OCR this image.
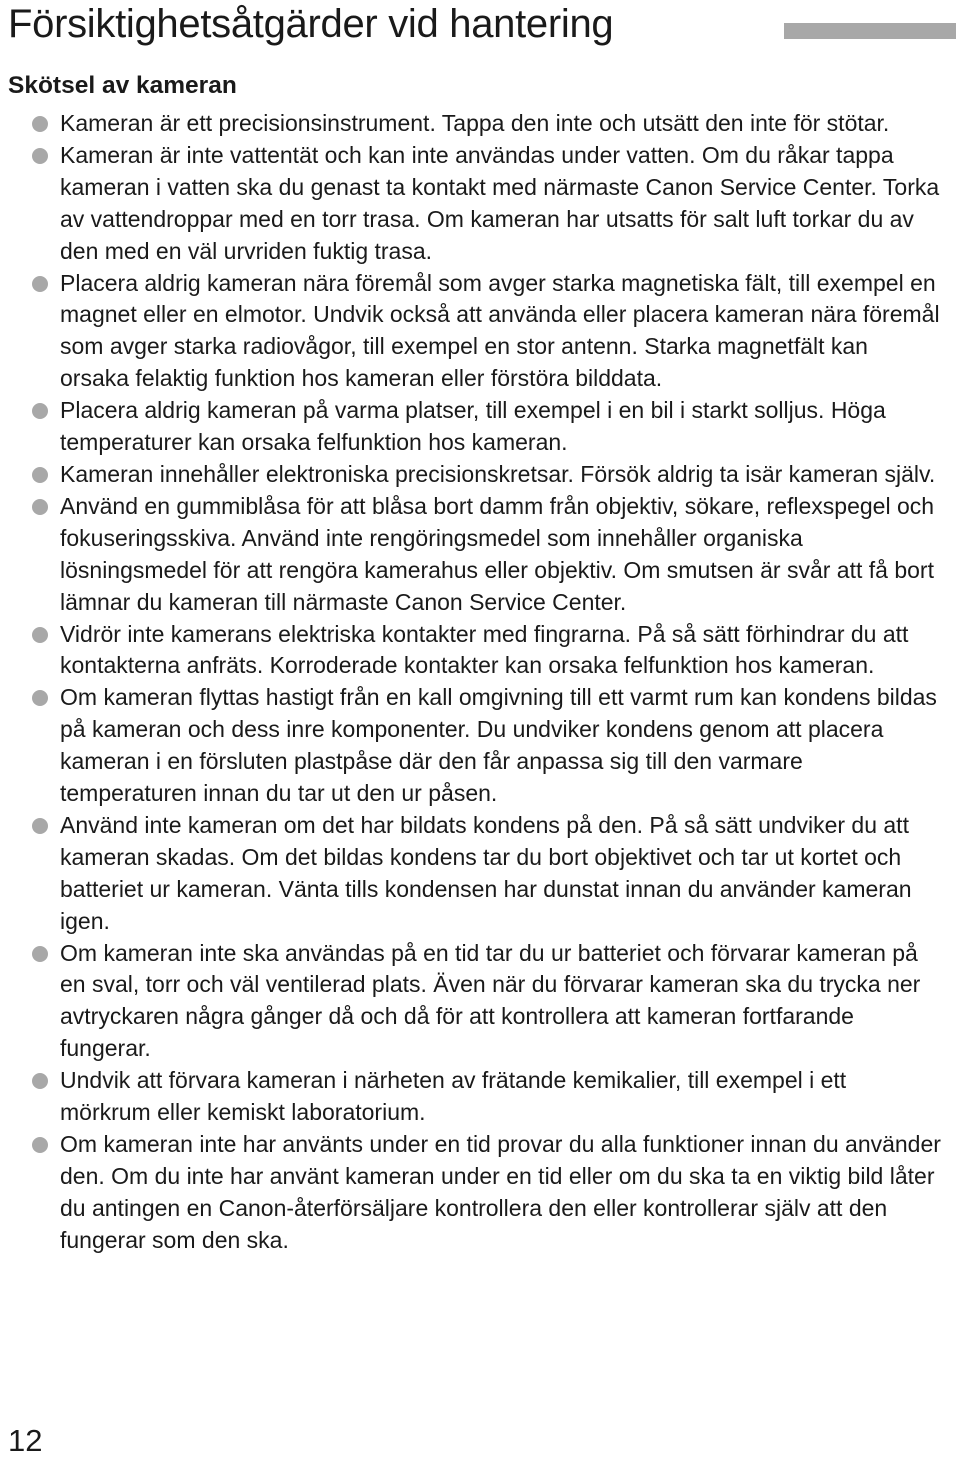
Försiktighetsåtgärder vid hantering
Skötsel av kameran
Kameran är ett precisionsinstrument. Tappa den inte och utsätt den inte för stötar.
Kameran är inte vattentät och kan inte användas under vatten. Om du råkar tappa kameran i vatten ska du genast ta kontakt med närmaste Canon Service Center. Torka av vattendroppar med en torr trasa. Om kameran har utsatts för salt luft torkar du av den med en väl urvriden fuktig trasa.
Placera aldrig kameran nära föremål som avger starka magnetiska fält, till exempel en magnet eller en elmotor. Undvik också att använda eller placera kameran nära föremål som avger starka radiovågor, till exempel en stor antenn. Starka magnetfält kan orsaka felaktig funktion hos kameran eller förstöra bilddata.
Placera aldrig kameran på varma platser, till exempel i en bil i starkt solljus. Höga temperaturer kan orsaka felfunktion hos kameran.
Kameran innehåller elektroniska precisionskretsar. Försök aldrig ta isär kameran själv.
Använd en gummiblåsa för att blåsa bort damm från objektiv, sökare, reflexspegel och fokuseringsskiva. Använd inte rengöringsmedel som innehåller organiska lösningsmedel för att rengöra kamerahus eller objektiv. Om smutsen är svår att få bort lämnar du kameran till närmaste Canon Service Center.
Vidrör inte kamerans elektriska kontakter med fingrarna. På så sätt förhindrar du att kontakterna anfräts. Korroderade kontakter kan orsaka felfunktion hos kameran.
Om kameran flyttas hastigt från en kall omgivning till ett varmt rum kan kondens bildas på kameran och dess inre komponenter. Du undviker kondens genom att placera kameran i en försluten plastpåse där den får anpassa sig till den varmare temperaturen innan du tar ut den ur påsen.
Använd inte kameran om det har bildats kondens på den. På så sätt undviker du att kameran skadas. Om det bildas kondens tar du bort objektivet och tar ut kortet och batteriet ur kameran. Vänta tills kondensen har dunstat innan du använder kameran igen.
Om kameran inte ska användas på en tid tar du ur batteriet och förvarar kameran på en sval, torr och väl ventilerad plats. Även när du förvarar kameran ska du trycka ner avtryckaren några gånger då och då för att kontrollera att kameran fortfarande fungerar.
Undvik att förvara kameran i närheten av frätande kemikalier, till exempel i ett mörkrum eller kemiskt laboratorium.
Om kameran inte har använts under en tid provar du alla funktioner innan du använder den. Om du inte har använt kameran under en tid eller om du ska ta en viktig bild låter du antingen en Canon-återförsäljare kontrollera den eller kontrollerar själv att den fungerar som den ska.
12
